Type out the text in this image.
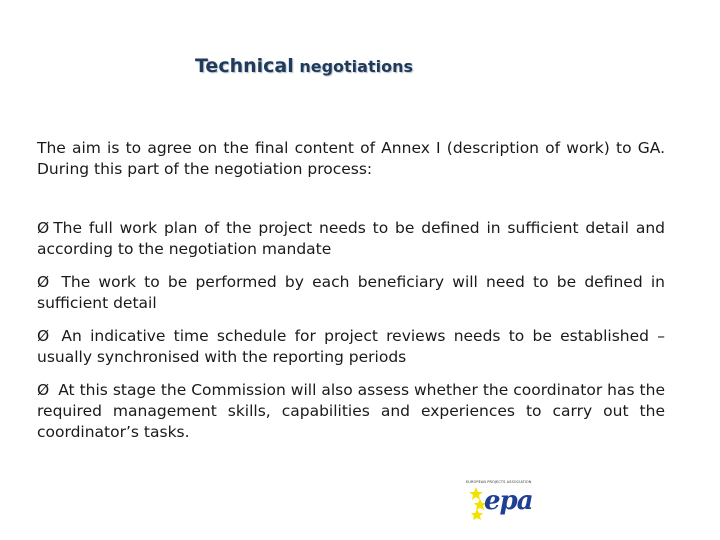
Technical negotiations
The aim is to agree on the final content of Annex I (description of work) to GA. During this part of the negotiation process:

Ø The full work plan of the project needs to be defined in sufficient detail and according to the negotiation mandate

Ø The work to be performed by each beneficiary will need to be defined in sufficient detail

Ø An indicative time schedule for project reviews needs to be established – usually synchronised with the reporting periods

Ø At this stage the Commission will also assess whether the coordinator has the required management skills, capabilities and experiences to carry out the coordinator’s tasks.

EUROPEAN PROJECTS ASSOCIATION
epa
